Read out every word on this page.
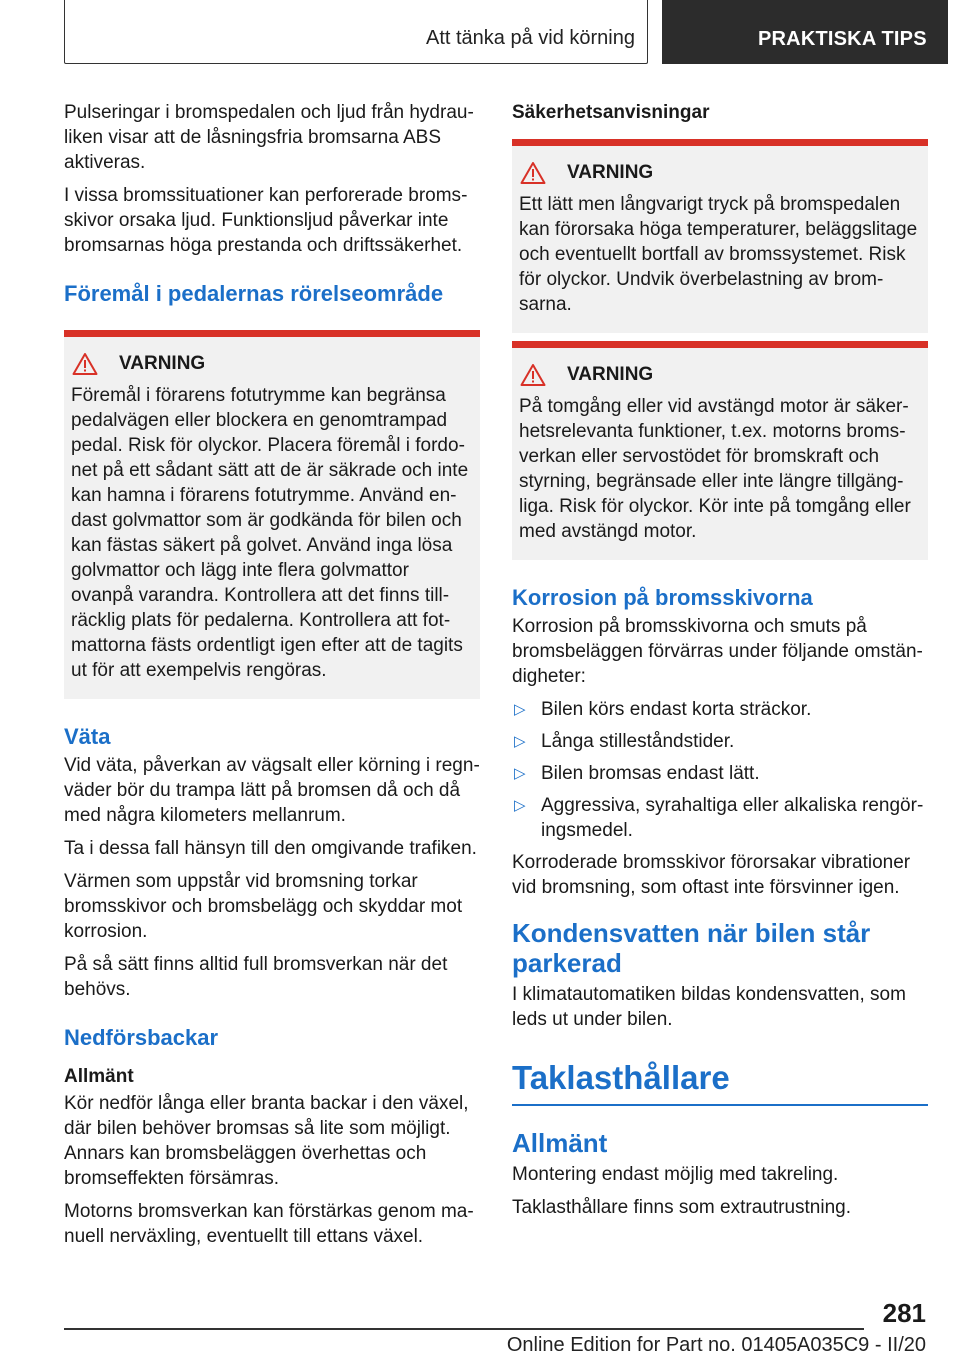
Att tänka på vid körning	PRAKTISKA TIPS

Pulseringar i bromspedalen och ljud från hydrauliken visar att de låsningsfria bromsarna ABS aktiveras.

I vissa bromssituationer kan perforerade bromsskivor orsaka ljud. Funktionsljud påverkar inte bromsarnas höga prestanda och driftssäkerhet.

Föremål i pedalernas rörelseområde
VARNING

Föremål i förarens fotutrymme kan begränsa pedalvägen eller blockera en genomtrampad pedal. Risk för olyckor. Placera föremål i fordonet på ett sådant sätt att de är säkrade och inte kan hamna i förarens fotutrymme. Använd endast golvmattor som är godkända för bilen och kan fästas säkert på golvet. Använd inga lösa golvmattor och lägg inte flera golvmattor ovanpå varandra. Kontrollera att det finns tillräcklig plats för pedalerna. Kontrollera att fotmattorna fästs ordentligt igen efter att de tagits ut för att exempelvis rengöras.

Väta

Vid väta, påverkan av vägsalt eller körning i regnväder bör du trampa lätt på bromsen då och då med några kilometers mellanrum.

Ta i dessa fall hänsyn till den omgivande trafiken.

Värmen som uppstår vid bromsning torkar bromsskivor och bromsbelägg och skyddar mot korrosion.

På så sätt finns alltid full bromsverkan när det behövs.

Nedförsbackar
Allmänt

Kör nedför långa eller branta backar i den växel, där bilen behöver bromsas så lite som möjligt. Annars kan bromsbeläggen överhettas och bromseffekten försämras.

Motorns bromsverkan kan förstärkas genom manuell nerväxling, eventuellt till ettans växel.

Säkerhetsanvisningar
VARNING

Ett lätt men långvarigt tryck på bromspedalen kan förorsaka höga temperaturer, beläggslitage och eventuellt bortfall av bromssystemet. Risk för olyckor. Undvik överbelastning av bromsarna.

VARNING

På tomgång eller vid avstängd motor är säkerhetsrelevanta funktioner, t.ex. motorns bromsverkan eller servostödet för bromskraft och styrning, begränsade eller inte längre tillgängliga. Risk för olyckor. Kör inte på tomgång eller med avstängd motor.

Korrosion på bromsskivorna

Korrosion på bromsskivorna och smuts på bromsbeläggen förvärras under följande omständigheter:

▷ Bilen körs endast korta sträckor.
▷ Långa stilleståndstider.
▷ Bilen bromsas endast lätt.
▷ Aggressiva, syrahaltiga eller alkaliska rengöringsmedel.

Korroderade bromsskivor förorsakar vibrationer vid bromsning, som oftast inte försvinner igen.

Kondensvatten när bilen står parkerad

I klimatautomatiken bildas kondensvatten, som leds ut under bilen.

Taklasthållare
Allmänt

Montering endast möjlig med takreling.

Taklasthållare finns som extrautrustning.

281
Online Edition for Part no. 01405A035C9 - II/20
